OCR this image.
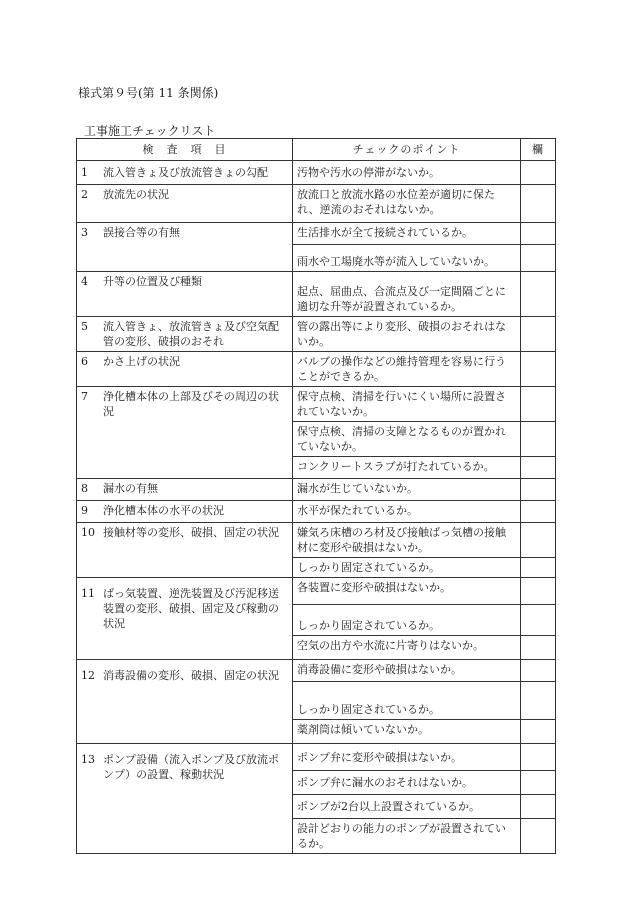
様式第９号(第 11 条関係)
工事施工チェックリスト
検　査　項　目	チェックのポイント	欄

1 流入管きょ及び放流管きょの勾配	汚物や汚水の停滞がないか。	

2 放流先の状況	放流口と放流水路の水位差が適切に保たれ、逆流のおそれはないか。	

3 誤接合等の有無	生活排水が全て接続されているか。	
	雨水や工場廃水等が流入していないか。	

4 升等の位置及び種類	起点、屈曲点、合流点及び一定間隔ごとに適切な升等が設置されているか。	

5 流入管きょ、放流管きょ及び空気配管の変形、破損のおそれ	管の露出等により変形、破損のおそれはないか。	

6 かさ上げの状況	バルブの操作などの維持管理を容易に行うことができるか。	

7 浄化槽本体の上部及びその周辺の状況	保守点検、清掃を行いにくい場所に設置されていないか。	
	保守点検、清掃の支障となるものが置かれていないか。	
	コンクリートスラブが打たれているか。	

8 漏水の有無	漏水が生じていないか。	

9 浄化槽本体の水平の状況	水平が保たれているか。	

10 接触材等の変形、破損、固定の状況	嫌気ろ床槽のろ材及び接触ばっ気槽の接触材に変形や破損はないか。	
	しっかり固定されているか。	

11 ばっ気装置、逆洗装置及び汚泥移送装置の変形、破損、固定及び稼動の状況	各装置に変形や破損はないか。	
	しっかり固定されているか。	
	空気の出方や水流に片寄りはないか。	

12 消毒設備の変形、破損、固定の状況	消毒設備に変形や破損はないか。	
	しっかり固定されているか。	
	薬剤筒は傾いていないか。	

13 ポンプ設備（流入ポンプ及び放流ポンプ）の設置、稼動状況	ポンプ弁に変形や破損はないか。	
	ポンプ弁に漏水のおそれはないか。	
	ポンプが2台以上設置されているか。	
	設計どおりの能力のポンプが設置されているか。	
